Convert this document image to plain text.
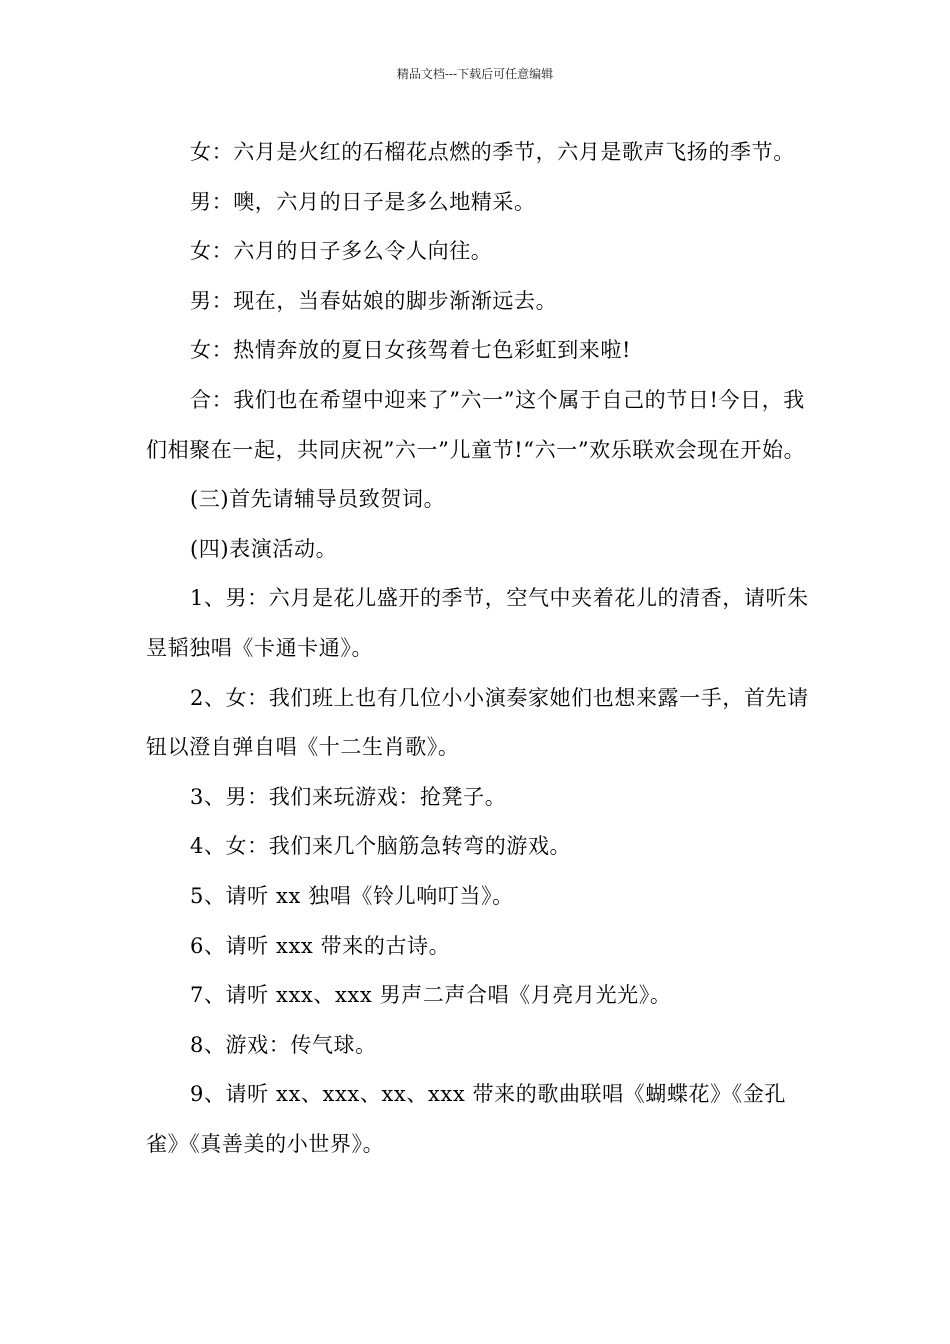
精品文档---下载后可任意编辑

女：六月是火红的石榴花点燃的季节，六月是歌声飞扬的季节。

男：噢，六月的日子是多么地精采。

女：六月的日子多么令人向往。

男：现在，当春姑娘的脚步渐渐远去。

女：热情奔放的夏日女孩驾着七色彩虹到来啦!

合：我们也在希望中迎来了”六一”这个属于自己的节日!今日，我们相聚在一起，共同庆祝”六一”儿童节!“六一”欢乐联欢会现在开始。

(三)首先请辅导员致贺词。

(四)表演活动。

1、男：六月是花儿盛开的季节，空气中夹着花儿的清香，请听朱昱韬独唱《卡通卡通》。

2、女：我们班上也有几位小小演奏家她们也想来露一手，首先请钮以澄自弹自唱《十二生肖歌》。

3、男：我们来玩游戏：抢凳子。

4、女：我们来几个脑筋急转弯的游戏。

5、请听 xx 独唱《铃儿响叮当》。

6、请听 xxx 带来的古诗。

7、请听 xxx、xxx 男声二声合唱《月亮月光光》。

8、游戏：传气球。

9、请听 xx、xxx、xx、xxx 带来的歌曲联唱《蝴蝶花》《金孔雀》《真善美的小世界》。
